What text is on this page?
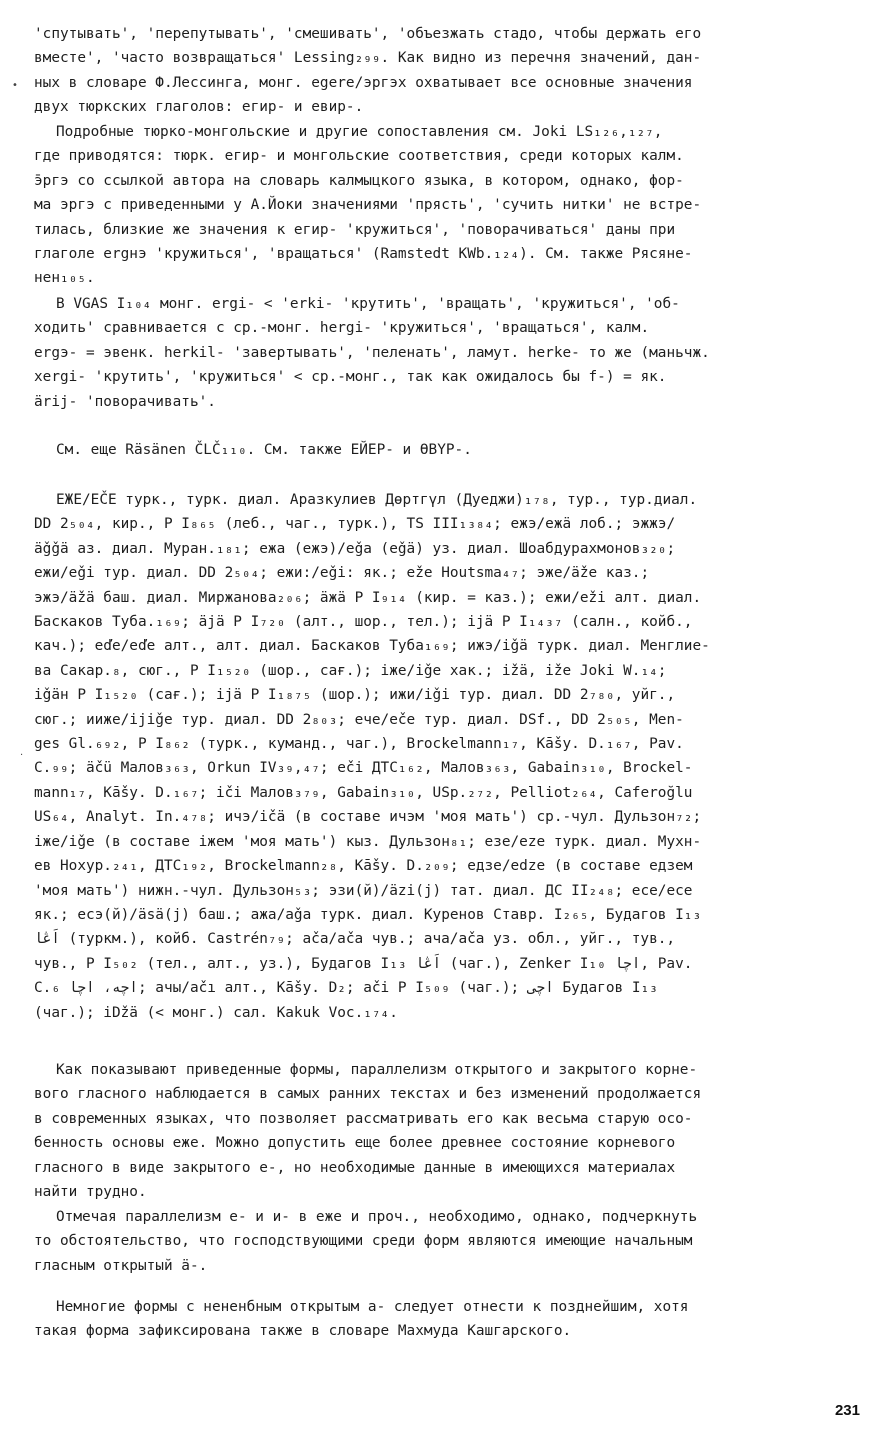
'спутывать', 'перепутывать', 'смешивать', 'объезжать стадо, чтобы держать его
вместе', 'часто возвращаться' Lessing₂₉₉. Как видно из перечня значений, дан-
ных в словаре Ф.Лессинга, монг. egere/эргэх охватывает все основные значения
двух тюркских глаголов: егир- и евир-.

Подробные тюрко-монгольские и другие сопоставления см. Joki LS₁₂₆,₁₂₇,
где приводятся: тюрк. егир- и монгольские соответствия, среди которых калм.
э̄ргэ со ссылкой автора на словарь калмыцкого языка, в котором, однако, фор-
ма эргэ с приведенными у А.Йоки значениями 'прясть', 'сучить нитки' не встре-
тилась, близкие же значения к егир- 'кружиться', 'поворачиваться' даны при
глаголе ergнэ 'кружиться', 'вращаться' (Ramstedt KWb.₁₂₄). См. также Рясяне-
нен₁₀₅.

В VGAS I₁₀₄ монг. ergi- < 'erki- 'крутить', 'вращать', 'кружиться', 'об-
ходить' сравнивается с ср.-монг. hergi- 'кружиться', 'вращаться', калм.
ergэ- = эвенк. herkil- 'завертывать', 'пеленать', ламут. herke- то же (маньчж.
xergi- 'крутить', 'кружиться' < ср.-монг., так как ожидалось бы f-) = як.
äriј- 'поворачивать'.

См. еще Räsänen ČLČ₁₁₀. См. также ЕЙЕР- и ӨВҮР-.

ЕЖЕ/ЕČЕ турк., турк. диал. Аразкулиев Дөртгүл (Дуеджи)₁₇₈, тур., тур.диал.
DD 2₅₀₄, кир., P I₈₆₅ (леб., чаг., турк.), TS III₁₃₈₄; ежэ/ежä лоб.; эжжэ/
äǧǧä аз. диал. Муран.₁₈₁; ежа (ежэ)/еǧа (еǧä) уз. диал. Шоабдурахмонов₃₂₀;
ежи/еǧі тур. диал. DD 2₅₀₄; ежи:/еǧі: як.; ežе Houtsma₄₇; эже/äže каз.;
эжэ/äžä баш. диал. Миржанова₂₀₆; äжä P I₉₁₄ (кир. = каз.); ежи/еži алт. диал.
Баскаков Туба.₁₆₉; äjä P I₇₂₀ (алт., шор., тел.); ijä P I₁₄₃₇ (салн., койб.,
кач.); еďе/еďе алт., алт. диал. Баскаков Туба₁₆₉; ижэ/іǧä турк. диал. Менглие-
ва Сакар.₈, сюг., P I₁₅₂₀ (шор., сағ.); іже/іǧе хак.; іžä, іžе Joki W.₁₄;
іǧäн P I₁₅₂₀ (сағ.); ijä P I₁₈₇₅ (шор.); ижи/іǧі тур. диал. DD 2₇₈₀, уйг.,
сюг.; ииже/ijіǧе тур. диал. DD 2₈₀₃; ече/еčе тур. диал. DSf., DD 2₅₀₅, Men-
ges Gl.₆₉₂, P I₈₆₂ (турк., куманд., чаг.), Brockelmann₁₇, Kāšy. D.₁₆₇, Pav.
C.₉₉; äčü Малов₃₆₃, Orkun IV₃₉,₄₇; ečі ДТС₁₆₂, Малов₃₆₃, Gabain₃₁₀, Brockel-
mann₁₇, Kāšy. D.₁₆₇; ičі Малов₃₇₉, Gabain₃₁₀, USp.₂₇₂, Pelliot₂₆₄, Caferoğlu
US₆₄, Analyt. In.₄₇₈; ичэ/іčä (в составе ичэм 'моя мать') ср.-чул. Дульзон₇₂;
іже/іǧе (в составе іжем 'моя мать') кыз. Дульзон₈₁; езе/еzе турк. диал. Мухн-
ев Нохур.₂₄₁, ДТС₁₉₂, Brockelmann₂₈, Kāšy. D.₂₀₉; едзе/еdzе (в составе едзем
'моя мать') нижн.-чул. Дульзон₅₃; эзи(й)/äzі(ј) тат. диал. ДС II₂₄₈; есе/есе
як.; есэ(й)/äsä(ј) баш.; ажа/аǧа турк. диал. Куренов Ставр. I₂₆₅, Будагов I₁₃
اَڠا (туркм.), койб. Castrén₇₉; аča/аča чув.; ача/аča уз. обл., уйг., тув.,
чув., P I₅₀₂ (тел., алт., уз.), Будагов I₁₃ اَڠا (чаг.), Zenker I₁₀ اچا, Pav.
C.₆ اچه، اچا; ачы/аčı алт., Kāšy. D₂; аčі P I₅₀₉ (чаг.); اچى Будагов I₁₃
(чаг.); іDžä (< монг.) сал. Kakuk Voc.₁₇₄.

Как показывают приведенные формы, параллелизм открытого и закрытого корне-
вого гласного наблюдается в самых ранних текстах и без изменений продолжается
в современных языках, что позволяет рассматривать его как весьма старую осо-
бенность основы еже. Можно допустить еще более древнее состояние корневого
гласного в виде закрытого е-, но необходимые данные в имеющихся материалах
найти трудно.

Отмечая параллелизм е- и и- в еже и проч., необходимо, однако, подчеркнуть
то обстоятельство, что господствующими среди форм являются имеющие начальным
гласным открытый ä-.

Немногие формы с нененбным открытым а- следует отнести к позднейшим, хотя
такая форма зафиксирована также в словаре Махмуда Кашгарского.

•
·
231
